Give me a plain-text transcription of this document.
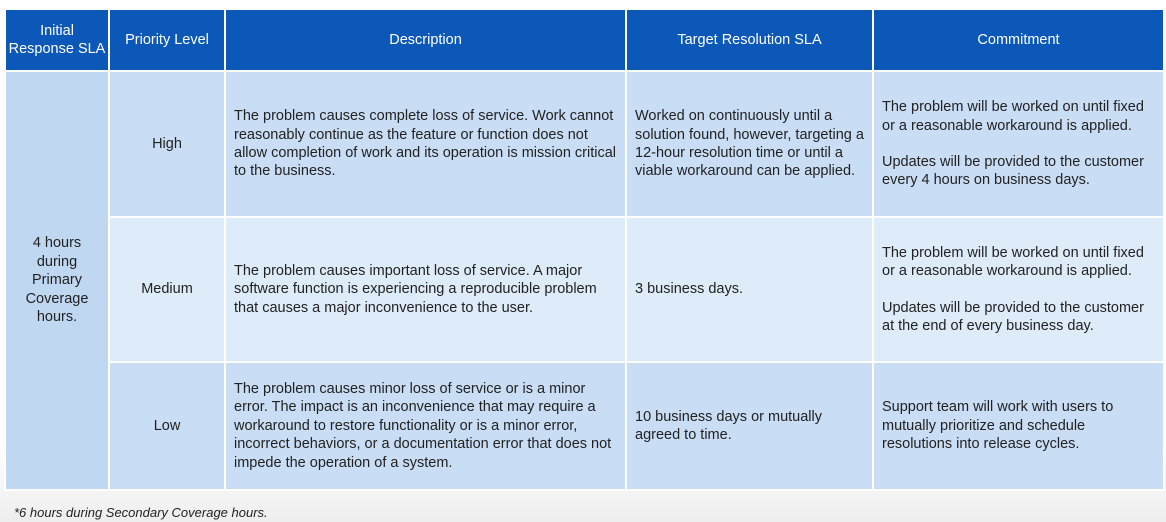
Initial Response SLA	Priority Level	Description	Target Resolution SLA	Commitment
4 hours during Primary Coverage hours.	High	The problem causes complete loss of service. Work cannot reasonably continue as the feature or function does not allow completion of work and its operation is mission critical to the business.	Worked on continuously until a solution found, however, targeting a 12-hour resolution time or until a viable workaround can be applied.	The problem will be worked on until fixed or a reasonable workaround is applied.
Updates will be provided to the customer every 4 hours on business days.

	Medium	The problem causes important loss of service. A major software function is experiencing a reproducible problem that causes a major inconvenience to the user.	3 business days.	The problem will be worked on until fixed or a reasonable workaround is applied.
Updates will be provided to the customer at the end of every business day.

	Low	The problem causes minor loss of service or is a minor error. The impact is an inconvenience that may require a workaround to restore functionality or is a minor error, incorrect behaviors, or a documentation error that does not impede the operation of a system.	10 business days or mutually agreed to time.	Support team will work with users to mutually prioritize and schedule resolutions into release cycles.
*6 hours during Secondary Coverage hours.
